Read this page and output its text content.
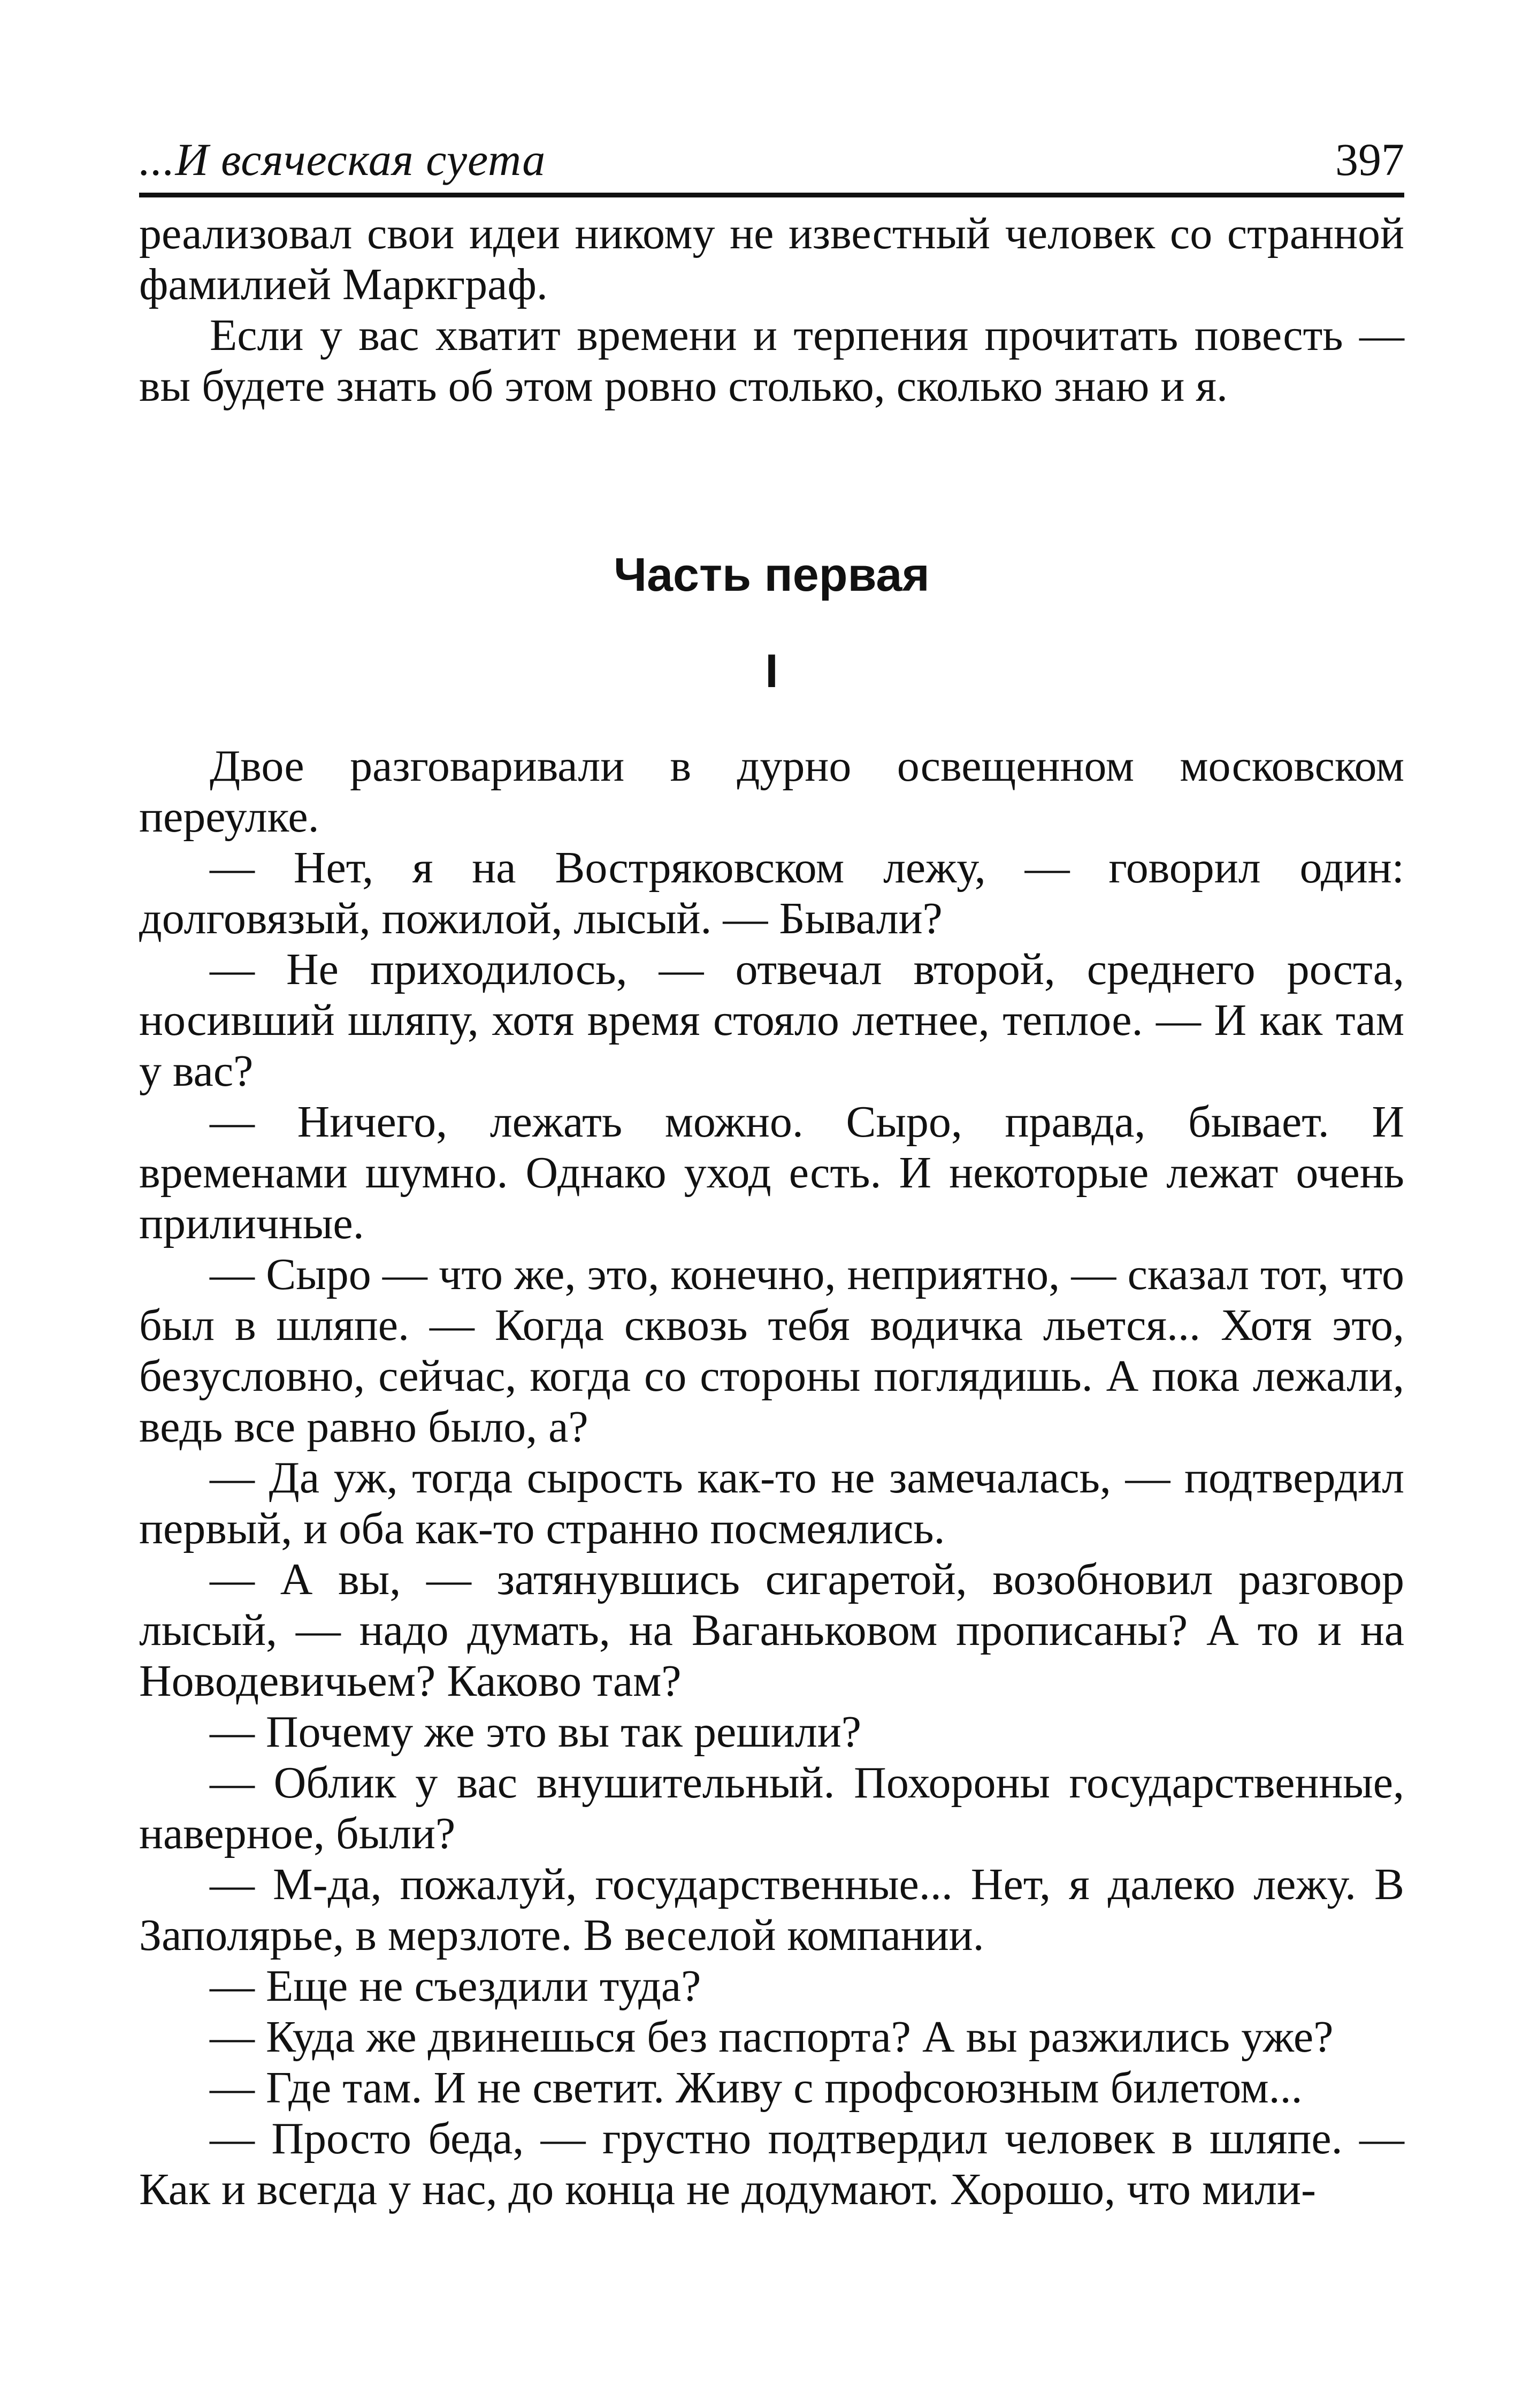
...И всяческая суета	397

реализовал свои идеи никому не известный человек со странной фамилией Маркграф.

Если у вас хватит времени и терпения прочитать повесть — вы будете знать об этом ровно столько, сколько знаю и я.

Часть первая
I

Двое разговаривали в дурно освещенном московском переулке.

— Нет, я на Востряковском лежу, — говорил один: долговязый, пожилой, лысый. — Бывали?

— Не приходилось, — отвечал второй, среднего роста, носивший шляпу, хотя время стояло летнее, теплое. — И как там у вас?

— Ничего, лежать можно. Сыро, правда, бывает. И временами шумно. Однако уход есть. И некоторые лежат очень приличные.

— Сыро — что же, это, конечно, неприятно, — сказал тот, что был в шляпе. — Когда сквозь тебя водичка льется... Хотя это, безусловно, сейчас, когда со стороны поглядишь. А пока лежали, ведь все равно было, а?

— Да уж, тогда сырость как-то не замечалась, — подтвердил первый, и оба как-то странно посмеялись.

— А вы, — затянувшись сигаретой, возобновил разговор лысый, — надо думать, на Ваганьковом прописаны? А то и на Новодевичьем? Каково там?

— Почему же это вы так решили?

— Облик у вас внушительный. Похороны государственные, наверное, были?

— М-да, пожалуй, государственные... Нет, я далеко лежу. В Заполярье, в мерзлоте. В веселой компании.

— Еще не съездили туда?

— Куда же двинешься без паспорта? А вы разжились уже?

— Где там. И не светит. Живу с профсоюзным билетом...

— Просто беда, — грустно подтвердил человек в шляпе. — Как и всегда у нас, до конца не додумают. Хорошо, что мили-
